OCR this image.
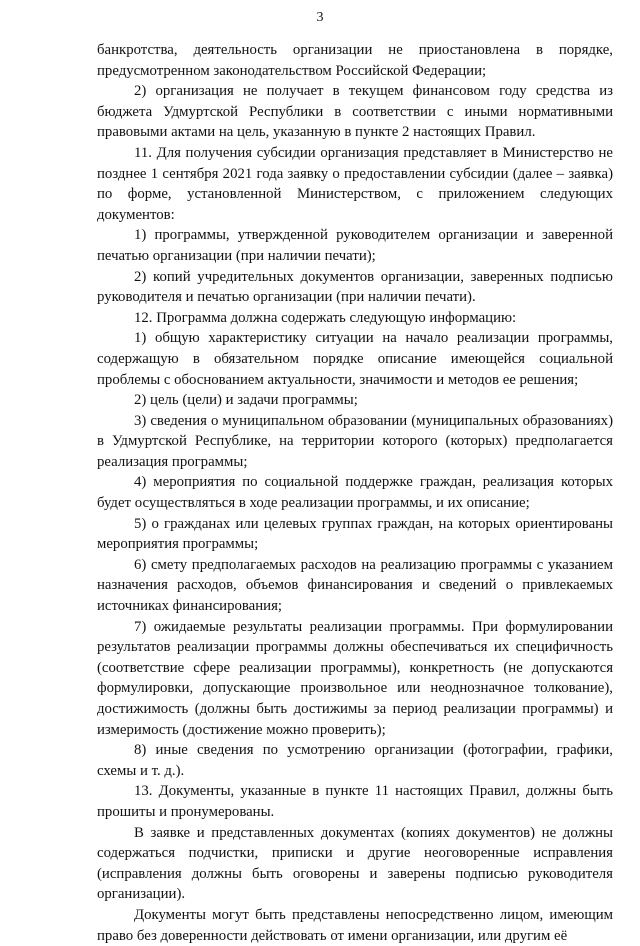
3

банкротства, деятельность организации не приостановлена в порядке, предусмотренном законодательством Российской Федерации;

2) организация не получает в текущем финансовом году средства из бюджета Удмуртской Республики в соответствии с иными нормативными правовыми актами на цель, указанную в пункте 2 настоящих Правил.

11. Для получения субсидии организация представляет в Министерство не позднее 1 сентября 2021 года заявку о предоставлении субсидии (далее – заявка) по форме, установленной Министерством, с приложением следующих документов:

1) программы, утвержденной руководителем организации и заверенной печатью организации (при наличии печати);

2) копий учредительных документов организации, заверенных подписью руководителя и печатью организации (при наличии печати).

12. Программа должна содержать следующую информацию:

1) общую характеристику ситуации на начало реализации программы, содержащую в обязательном порядке описание имеющейся социальной проблемы с обоснованием актуальности, значимости и методов ее решения;

2) цель (цели) и задачи программы;

3) сведения о муниципальном образовании (муниципальных образованиях) в Удмуртской Республике, на территории которого (которых) предполагается реализация программы;

4) мероприятия по социальной поддержке граждан, реализация которых будет осуществляться в ходе реализации программы, и их описание;

5) о гражданах или целевых группах граждан, на которых ориентированы мероприятия программы;

6) смету предполагаемых расходов на реализацию программы с указанием назначения расходов, объемов финансирования и сведений о привлекаемых источниках финансирования;

7) ожидаемые результаты реализации программы. При формулировании результатов реализации программы должны обеспечиваться их специфичность (соответствие сфере реализации программы), конкретность (не допускаются формулировки, допускающие произвольное или неоднозначное толкование), достижимость (должны быть достижимы за период реализации программы) и измеримость (достижение можно проверить);

8) иные сведения по усмотрению организации (фотографии, графики, схемы и т. д.).

13. Документы, указанные в пункте 11 настоящих Правил, должны быть прошиты и пронумерованы.

В заявке и представленных документах (копиях документов) не должны содержаться подчистки, приписки и другие неоговоренные исправления (исправления должны быть оговорены и заверены подписью руководителя организации).

Документы могут быть представлены непосредственно лицом, имеющим право без доверенности действовать от имени организации, или другим её
